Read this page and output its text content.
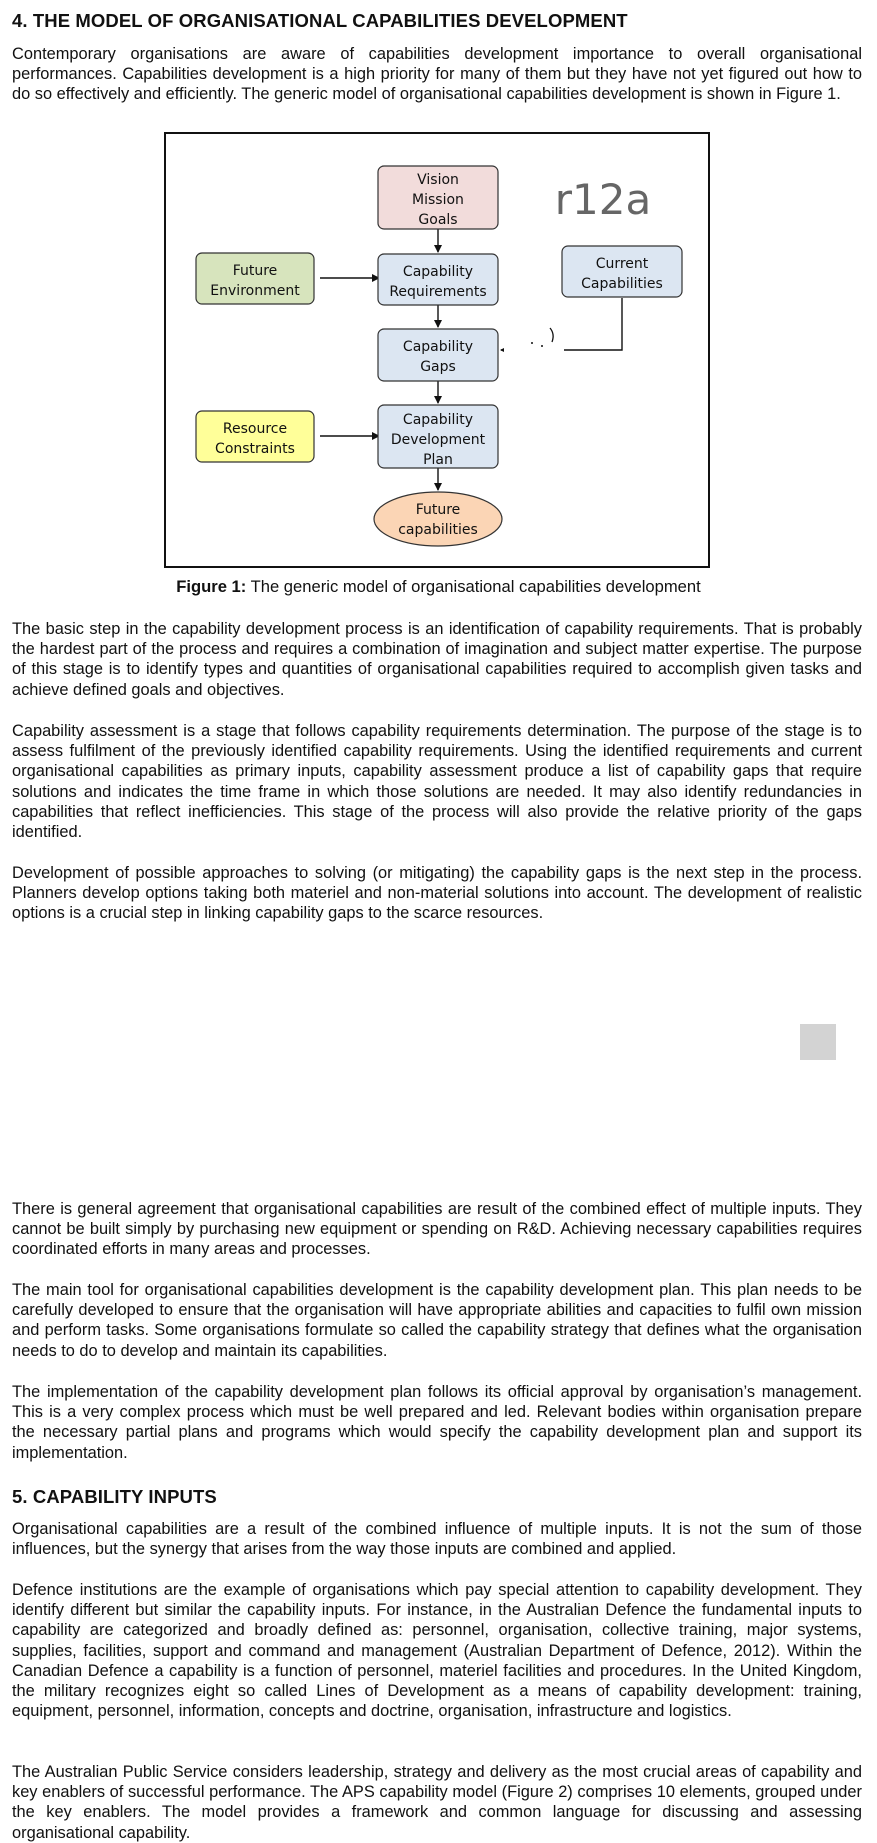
4. THE MODEL OF ORGANISATIONAL CAPABILITIES DEVELOPMENT

Contemporary organisations are aware of capabilities development importance to overall organisational performances. Capabilities development is a high priority for many of them but they have not yet figured out how to do so effectively and efficiently. The generic model of organisational capabilities development is shown in Figure 1.

r12a
Vision
Mission
Goals
Future
Environment
Capability
Requirements
Current
Capabilities
Capability
Gaps
Resource
Constraints
Capability
Development
Plan
Future
capabilities
Figure 1: The generic model of organisational capabilities development

The basic step in the capability development process is an identification of capability requirements. That is probably the hardest part of the process and requires a combination of imagination and subject matter expertise. The purpose of this stage is to identify types and quantities of organisational capabilities required to accomplish given tasks and achieve defined goals and objectives.

Capability assessment is a stage that follows capability requirements determination. The purpose of the stage is to assess fulfilment of the previously identified capability requirements. Using the identified requirements and current organisational capabilities as primary inputs, capability assessment produce a list of capability gaps that require solutions and indicates the time frame in which those solutions are needed. It may also identify redundancies in capabilities that reflect inefficiencies. This stage of the process will also provide the relative priority of the gaps identified.

Development of possible approaches to solving (or mitigating) the capability gaps is the next step in the process. Planners develop options taking both materiel and non-material solutions into account. The development of realistic options is a crucial step in linking capability gaps to the scarce resources.

There is general agreement that organisational capabilities are result of the combined effect of multiple inputs. They cannot be built simply by purchasing new equipment or spending on R&D. Achieving necessary capabilities requires coordinated efforts in many areas and processes.

The main tool for organisational capabilities development is the capability development plan. This plan needs to be carefully developed to ensure that the organisation will have appropriate abilities and capacities to fulfil own mission and perform tasks. Some organisations formulate so called the capability strategy that defines what the organisation needs to do to develop and maintain its capabilities.

The implementation of the capability development plan follows its official approval by organisation’s management. This is a very complex process which must be well prepared and led. Relevant bodies within organisation prepare the necessary partial plans and programs which would specify the capability development plan and support its implementation.

5. CAPABILITY INPUTS

Organisational capabilities are a result of the combined influence of multiple inputs. It is not the sum of those influences, but the synergy that arises from the way those inputs are combined and applied.

Defence institutions are the example of organisations which pay special attention to capability development. They identify different but similar the capability inputs. For instance, in the Australian Defence the fundamental inputs to capability are categorized and broadly defined as: personnel, organisation, collective training, major systems, supplies, facilities, support and command and management (Australian Department of Defence, 2012). Within the Canadian Defence a capability is a function of personnel, materiel facilities and procedures. In the United Kingdom, the military recognizes eight so called Lines of Development as a means of capability development: training, equipment, personnel, information, concepts and doctrine, organisation, infrastructure and logistics.

The Australian Public Service considers leadership, strategy and delivery as the most crucial areas of capability and key enablers of successful performance. The APS capability model (Figure 2) comprises 10 elements, grouped under the key enablers. The model provides a framework and common language for discussing and assessing organisational capability.
